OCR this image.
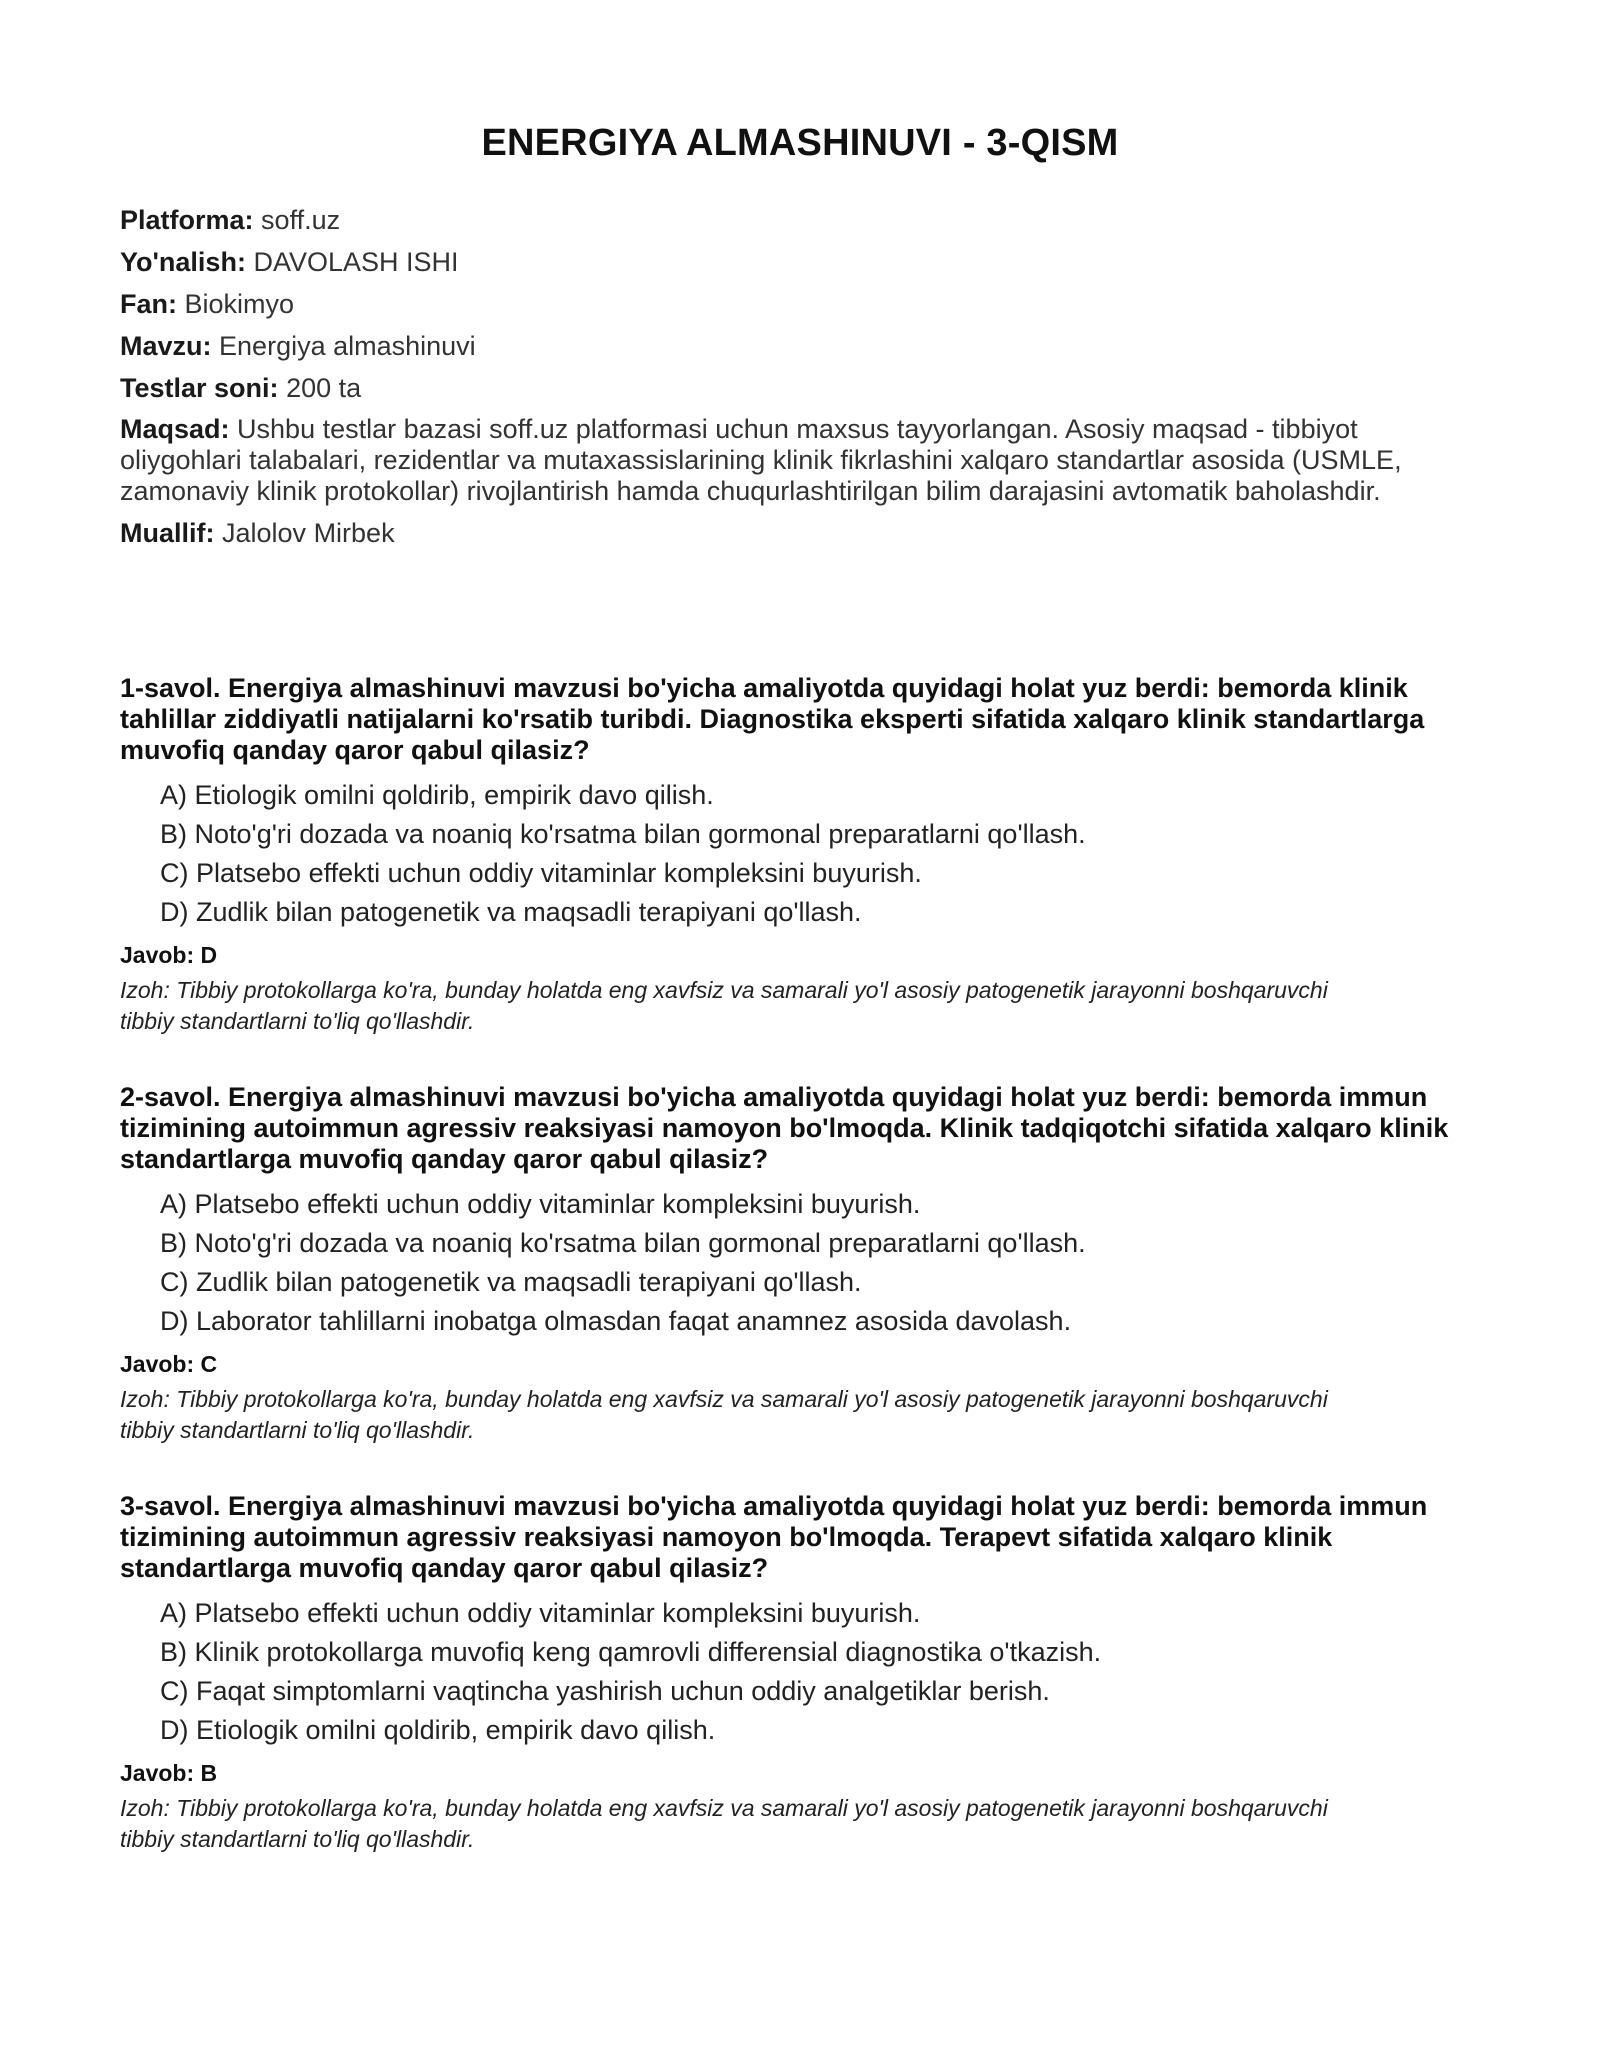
ENERGIYA ALMASHINUVI - 3-QISM

Platforma: soff.uz

Yo'nalish: DAVOLASH ISHI

Fan: Biokimyo

Mavzu: Energiya almashinuvi

Testlar soni: 200 ta

Maqsad: Ushbu testlar bazasi soff.uz platformasi uchun maxsus tayyorlangan. Asosiy maqsad - tibbiyot oliygohlari talabalari, rezidentlar va mutaxassislarining klinik fikrlashini xalqaro standartlar asosida (USMLE, zamonaviy klinik protokollar) rivojlantirish hamda chuqurlashtirilgan bilim darajasini avtomatik baholashdir.

Muallif: Jalolov Mirbek

1-savol. Energiya almashinuvi mavzusi bo'yicha amaliyotda quyidagi holat yuz berdi: bemorda klinik tahlillar ziddiyatli natijalarni ko'rsatib turibdi. Diagnostika eksperti sifatida xalqaro klinik standartlarga muvofiq qanday qaror qabul qilasiz?

A) Etiologik omilni qoldirib, empirik davo qilish.
B) Noto'g'ri dozada va noaniq ko'rsatma bilan gormonal preparatlarni qo'llash.
C) Platsebo effekti uchun oddiy vitaminlar kompleksini buyurish.
D) Zudlik bilan patogenetik va maqsadli terapiyani qo'llash.

Javob: D

Izoh: Tibbiy protokollarga ko'ra, bunday holatda eng xavfsiz va samarali yo'l asosiy patogenetik jarayonni boshqaruvchi tibbiy standartlarni to'liq qo'llashdir.

2-savol. Energiya almashinuvi mavzusi bo'yicha amaliyotda quyidagi holat yuz berdi: bemorda immun tizimining autoimmun agressiv reaksiyasi namoyon bo'lmoqda. Klinik tadqiqotchi sifatida xalqaro klinik standartlarga muvofiq qanday qaror qabul qilasiz?

A) Platsebo effekti uchun oddiy vitaminlar kompleksini buyurish.
B) Noto'g'ri dozada va noaniq ko'rsatma bilan gormonal preparatlarni qo'llash.
C) Zudlik bilan patogenetik va maqsadli terapiyani qo'llash.
D) Laborator tahlillarni inobatga olmasdan faqat anamnez asosida davolash.

Javob: C

Izoh: Tibbiy protokollarga ko'ra, bunday holatda eng xavfsiz va samarali yo'l asosiy patogenetik jarayonni boshqaruvchi tibbiy standartlarni to'liq qo'llashdir.

3-savol. Energiya almashinuvi mavzusi bo'yicha amaliyotda quyidagi holat yuz berdi: bemorda immun tizimining autoimmun agressiv reaksiyasi namoyon bo'lmoqda. Terapevt sifatida xalqaro klinik standartlarga muvofiq qanday qaror qabul qilasiz?

A) Platsebo effekti uchun oddiy vitaminlar kompleksini buyurish.
B) Klinik protokollarga muvofiq keng qamrovli differensial diagnostika o'tkazish.
C) Faqat simptomlarni vaqtincha yashirish uchun oddiy analgetiklar berish.
D) Etiologik omilni qoldirib, empirik davo qilish.

Javob: B

Izoh: Tibbiy protokollarga ko'ra, bunday holatda eng xavfsiz va samarali yo'l asosiy patogenetik jarayonni boshqaruvchi tibbiy standartlarni to'liq qo'llashdir.
